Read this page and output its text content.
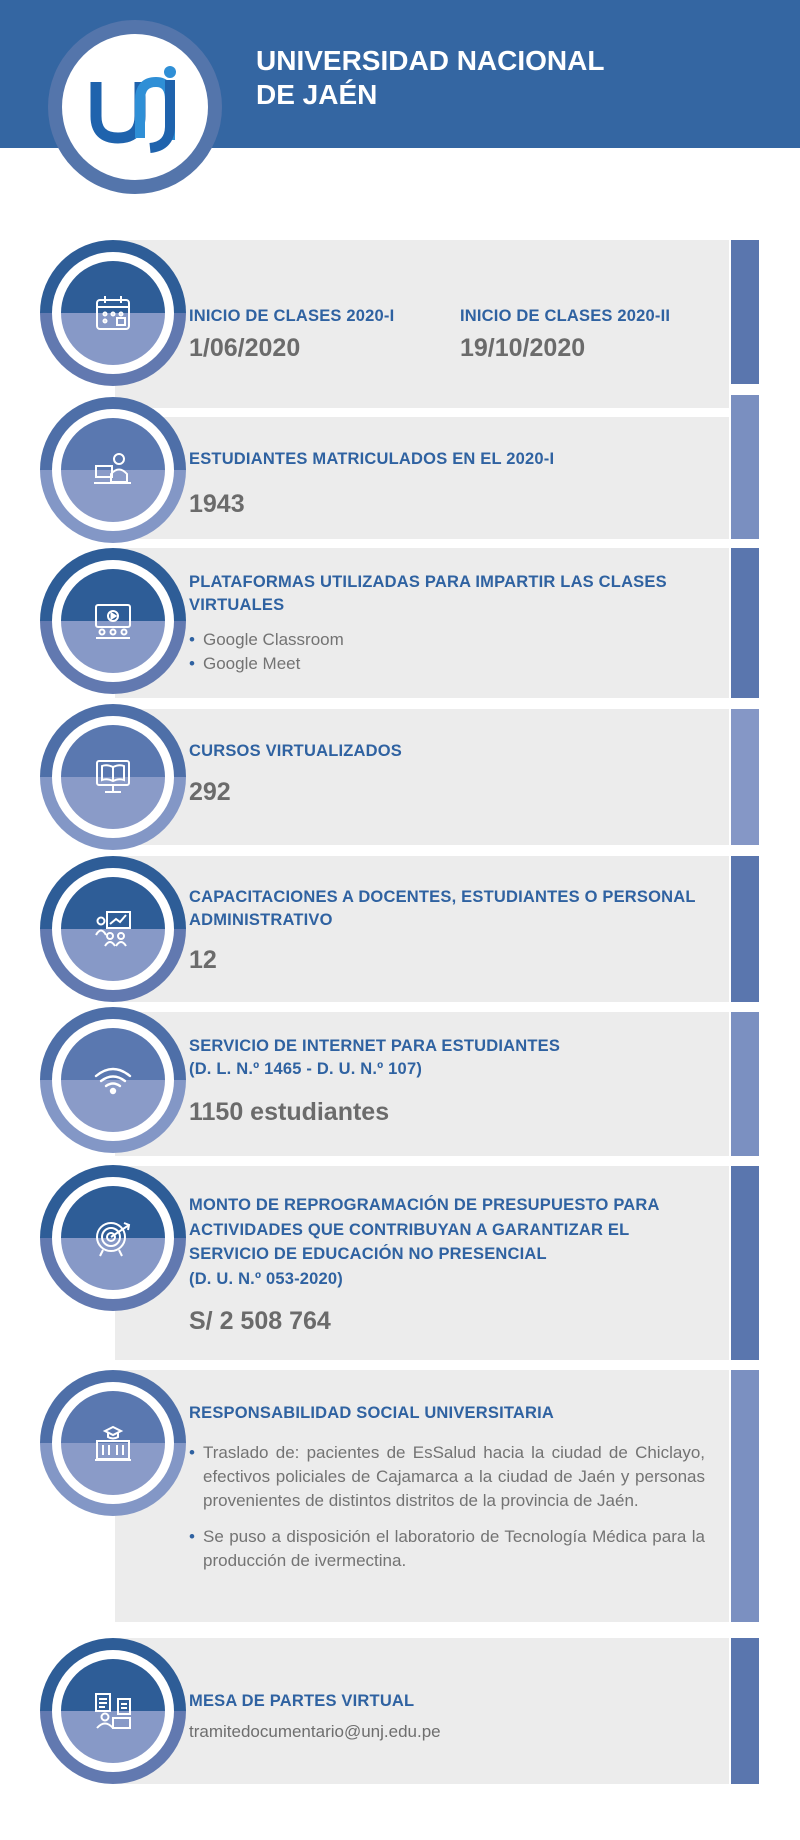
UNIVERSIDAD NACIONAL
DE JAÉN
INICIO DE CLASES 2020-I
1/06/2020
INICIO DE CLASES 2020-II
19/10/2020
ESTUDIANTES MATRICULADOS EN EL 2020-I
1943
PLATAFORMAS UTILIZADAS PARA IMPARTIR LAS CLASES
VIRTUALES
• Google Classroom
• Google Meet
CURSOS VIRTUALIZADOS
292
CAPACITACIONES A DOCENTES, ESTUDIANTES O PERSONAL
ADMINISTRATIVO
12
SERVICIO DE INTERNET PARA ESTUDIANTES
(D. L. N.º 1465 - D. U. N.º 107)
1150 estudiantes
MONTO DE REPROGRAMACIÓN DE PRESUPUESTO PARA
ACTIVIDADES QUE CONTRIBUYAN A GARANTIZAR EL
SERVICIO DE EDUCACIÓN NO PRESENCIAL
(D. U. N.º 053-2020)
S/ 2 508 764
RESPONSABILIDAD SOCIAL UNIVERSITARIA
• Traslado de: pacientes de EsSalud hacia la ciudad de Chiclayo, efectivos policiales de Cajamarca a la ciudad de Jaén y personas provenientes de distintos distritos de la provincia de Jaén.
• Se puso a disposición el laboratorio de Tecnología Médica para la producción de ivermectina.
MESA DE PARTES VIRTUAL
tramitedocumentario@unj.edu.pe
